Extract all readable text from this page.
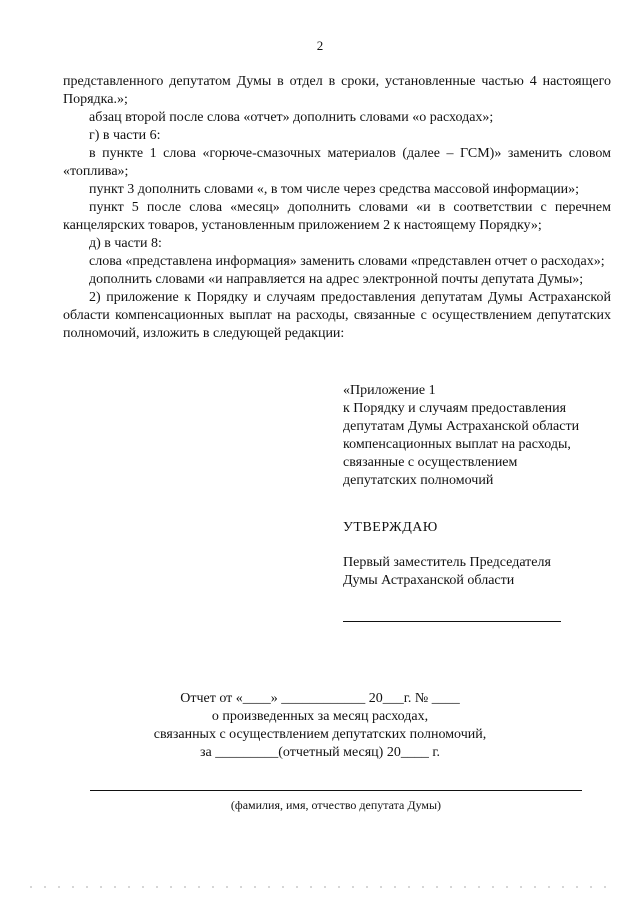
2

представленного депутатом Думы в отдел в сроки, установленные частью 4 настоящего Порядка.»;

абзац второй после слова «отчет» дополнить словами «о расходах»;

г) в части 6:

в пункте 1 слова «горюче-смазочных материалов (далее – ГСМ)» заменить словом «топлива»;

пункт 3 дополнить словами «, в том числе через средства массовой информации»;

пункт 5 после слова «месяц» дополнить словами «и в соответствии с перечнем канцелярских товаров, установленным приложением 2 к настоящему Порядку»;

д) в части 8:

слова «представлена информация» заменить словами «представлен отчет о расходах»;

дополнить словами «и направляется на адрес электронной почты депутата Думы»;

2) приложение к Порядку и случаям предоставления депутатам Думы Астраханской области компенсационных выплат на расходы, связанные с осуществлением депутатских полномочий, изложить в следующей редакции:

«Приложение 1
к Порядку и случаям предоставления
депутатам Думы Астраханской области
компенсационных выплат на расходы,
связанные с осуществлением
депутатских полномочий
УТВЕРЖДАЮ
Первый заместитель Председателя
Думы Астраханской области
Отчет от «____» ____________ 20___г. № ____
о произведенных за месяц расходах,
связанных с осуществлением депутатских полномочий,
за _________(отчетный месяц) 20____ г.
(фамилия, имя, отчество депутата Думы)
